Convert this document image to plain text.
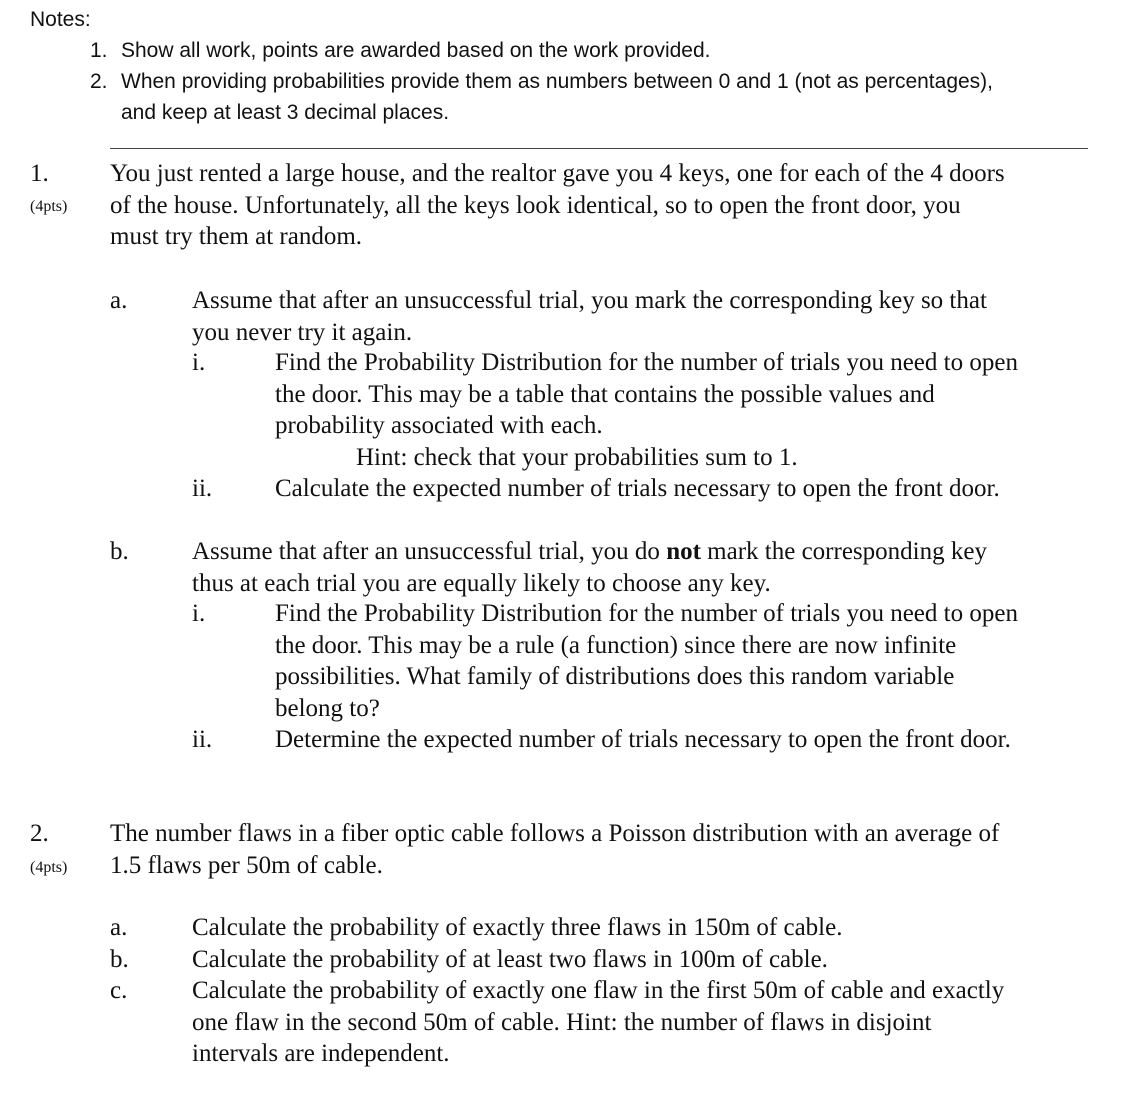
Notes:
1. Show all work, points are awarded based on the work provided.
2. When providing probabilities provide them as numbers between 0 and 1 (not as percentages),
and keep at least 3 decimal places.
1.
(4pts)
You just rented a large house, and the realtor gave you 4 keys, one for each of the 4 doors
of the house. Unfortunately, all the keys look identical, so to open the front door, you
must try them at random.
a.	Assume that after an unsuccessful trial, you mark the corresponding key so that
you never try it again.
i.	Find the Probability Distribution for the number of trials you need to open
the door. This may be a table that contains the possible values and
probability associated with each.
Hint: check that your probabilities sum to 1.
ii.	Calculate the expected number of trials necessary to open the front door.
b.	Assume that after an unsuccessful trial, you do not mark the corresponding key
thus at each trial you are equally likely to choose any key.
i.	Find the Probability Distribution for the number of trials you need to open
the door. This may be a rule (a function) since there are now infinite
possibilities. What family of distributions does this random variable
belong to?
ii.	Determine the expected number of trials necessary to open the front door.
2.
(4pts)
The number flaws in a fiber optic cable follows a Poisson distribution with an average of
1.5 flaws per 50m of cable.
a.	Calculate the probability of exactly three flaws in 150m of cable.
b.	Calculate the probability of at least two flaws in 100m of cable.
c.	Calculate the probability of exactly one flaw in the first 50m of cable and exactly
one flaw in the second 50m of cable. Hint: the number of flaws in disjoint
intervals are independent.
